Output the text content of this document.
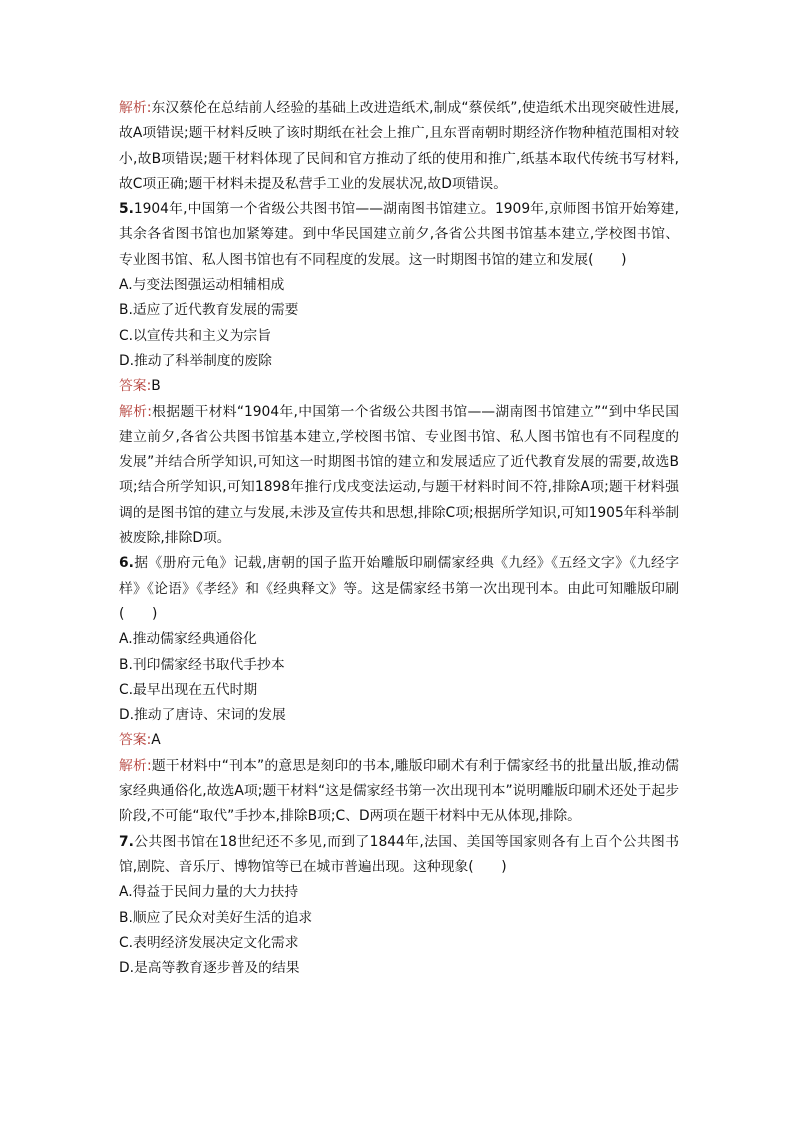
解析:东汉蔡伦在总结前人经验的基础上改进造纸术,制成“蔡侯纸”,使造纸术出现突破性进展,故A项错误;题干材料反映了该时期纸在社会上推广,且东晋南朝时期经济作物种植范围相对较小,故B项错误;题干材料体现了民间和官方推动了纸的使用和推广,纸基本取代传统书写材料,故C项正确;题干材料未提及私营手工业的发展状况,故D项错误。

5.1904年,中国第一个省级公共图书馆——湖南图书馆建立。1909年,京师图书馆开始筹建,其余各省图书馆也加紧筹建。到中华民国建立前夕,各省公共图书馆基本建立,学校图书馆、专业图书馆、私人图书馆也有不同程度的发展。这一时期图书馆的建立和发展(　　)

A.与变法图强运动相辅相成

B.适应了近代教育发展的需要

C.以宣传共和主义为宗旨

D.推动了科举制度的废除

答案:B

解析:根据题干材料“1904年,中国第一个省级公共图书馆——湖南图书馆建立”“到中华民国建立前夕,各省公共图书馆基本建立,学校图书馆、专业图书馆、私人图书馆也有不同程度的发展”并结合所学知识,可知这一时期图书馆的建立和发展适应了近代教育发展的需要,故选B项;结合所学知识,可知1898年推行戊戌变法运动,与题干材料时间不符,排除A项;题干材料强调的是图书馆的建立与发展,未涉及宣传共和思想,排除C项;根据所学知识,可知1905年科举制被废除,排除D项。

6.据《册府元龟》记载,唐朝的国子监开始雕版印刷儒家经典《九经》《五经文字》《九经字样》《论语》《孝经》和《经典释文》等。这是儒家经书第一次出现刊本。由此可知雕版印刷(　　)

A.推动儒家经典通俗化

B.刊印儒家经书取代手抄本

C.最早出现在五代时期

D.推动了唐诗、宋词的发展

答案:A

解析:题干材料中“刊本”的意思是刻印的书本,雕版印刷术有利于儒家经书的批量出版,推动儒家经典通俗化,故选A项;题干材料“这是儒家经书第一次出现刊本”说明雕版印刷术还处于起步阶段,不可能“取代”手抄本,排除B项;C、D两项在题干材料中无从体现,排除。

7.公共图书馆在18世纪还不多见,而到了1844年,法国、美国等国家则各有上百个公共图书馆,剧院、音乐厅、博物馆等已在城市普遍出现。这种现象(　　)

A.得益于民间力量的大力扶持

B.顺应了民众对美好生活的追求

C.表明经济发展决定文化需求

D.是高等教育逐步普及的结果
